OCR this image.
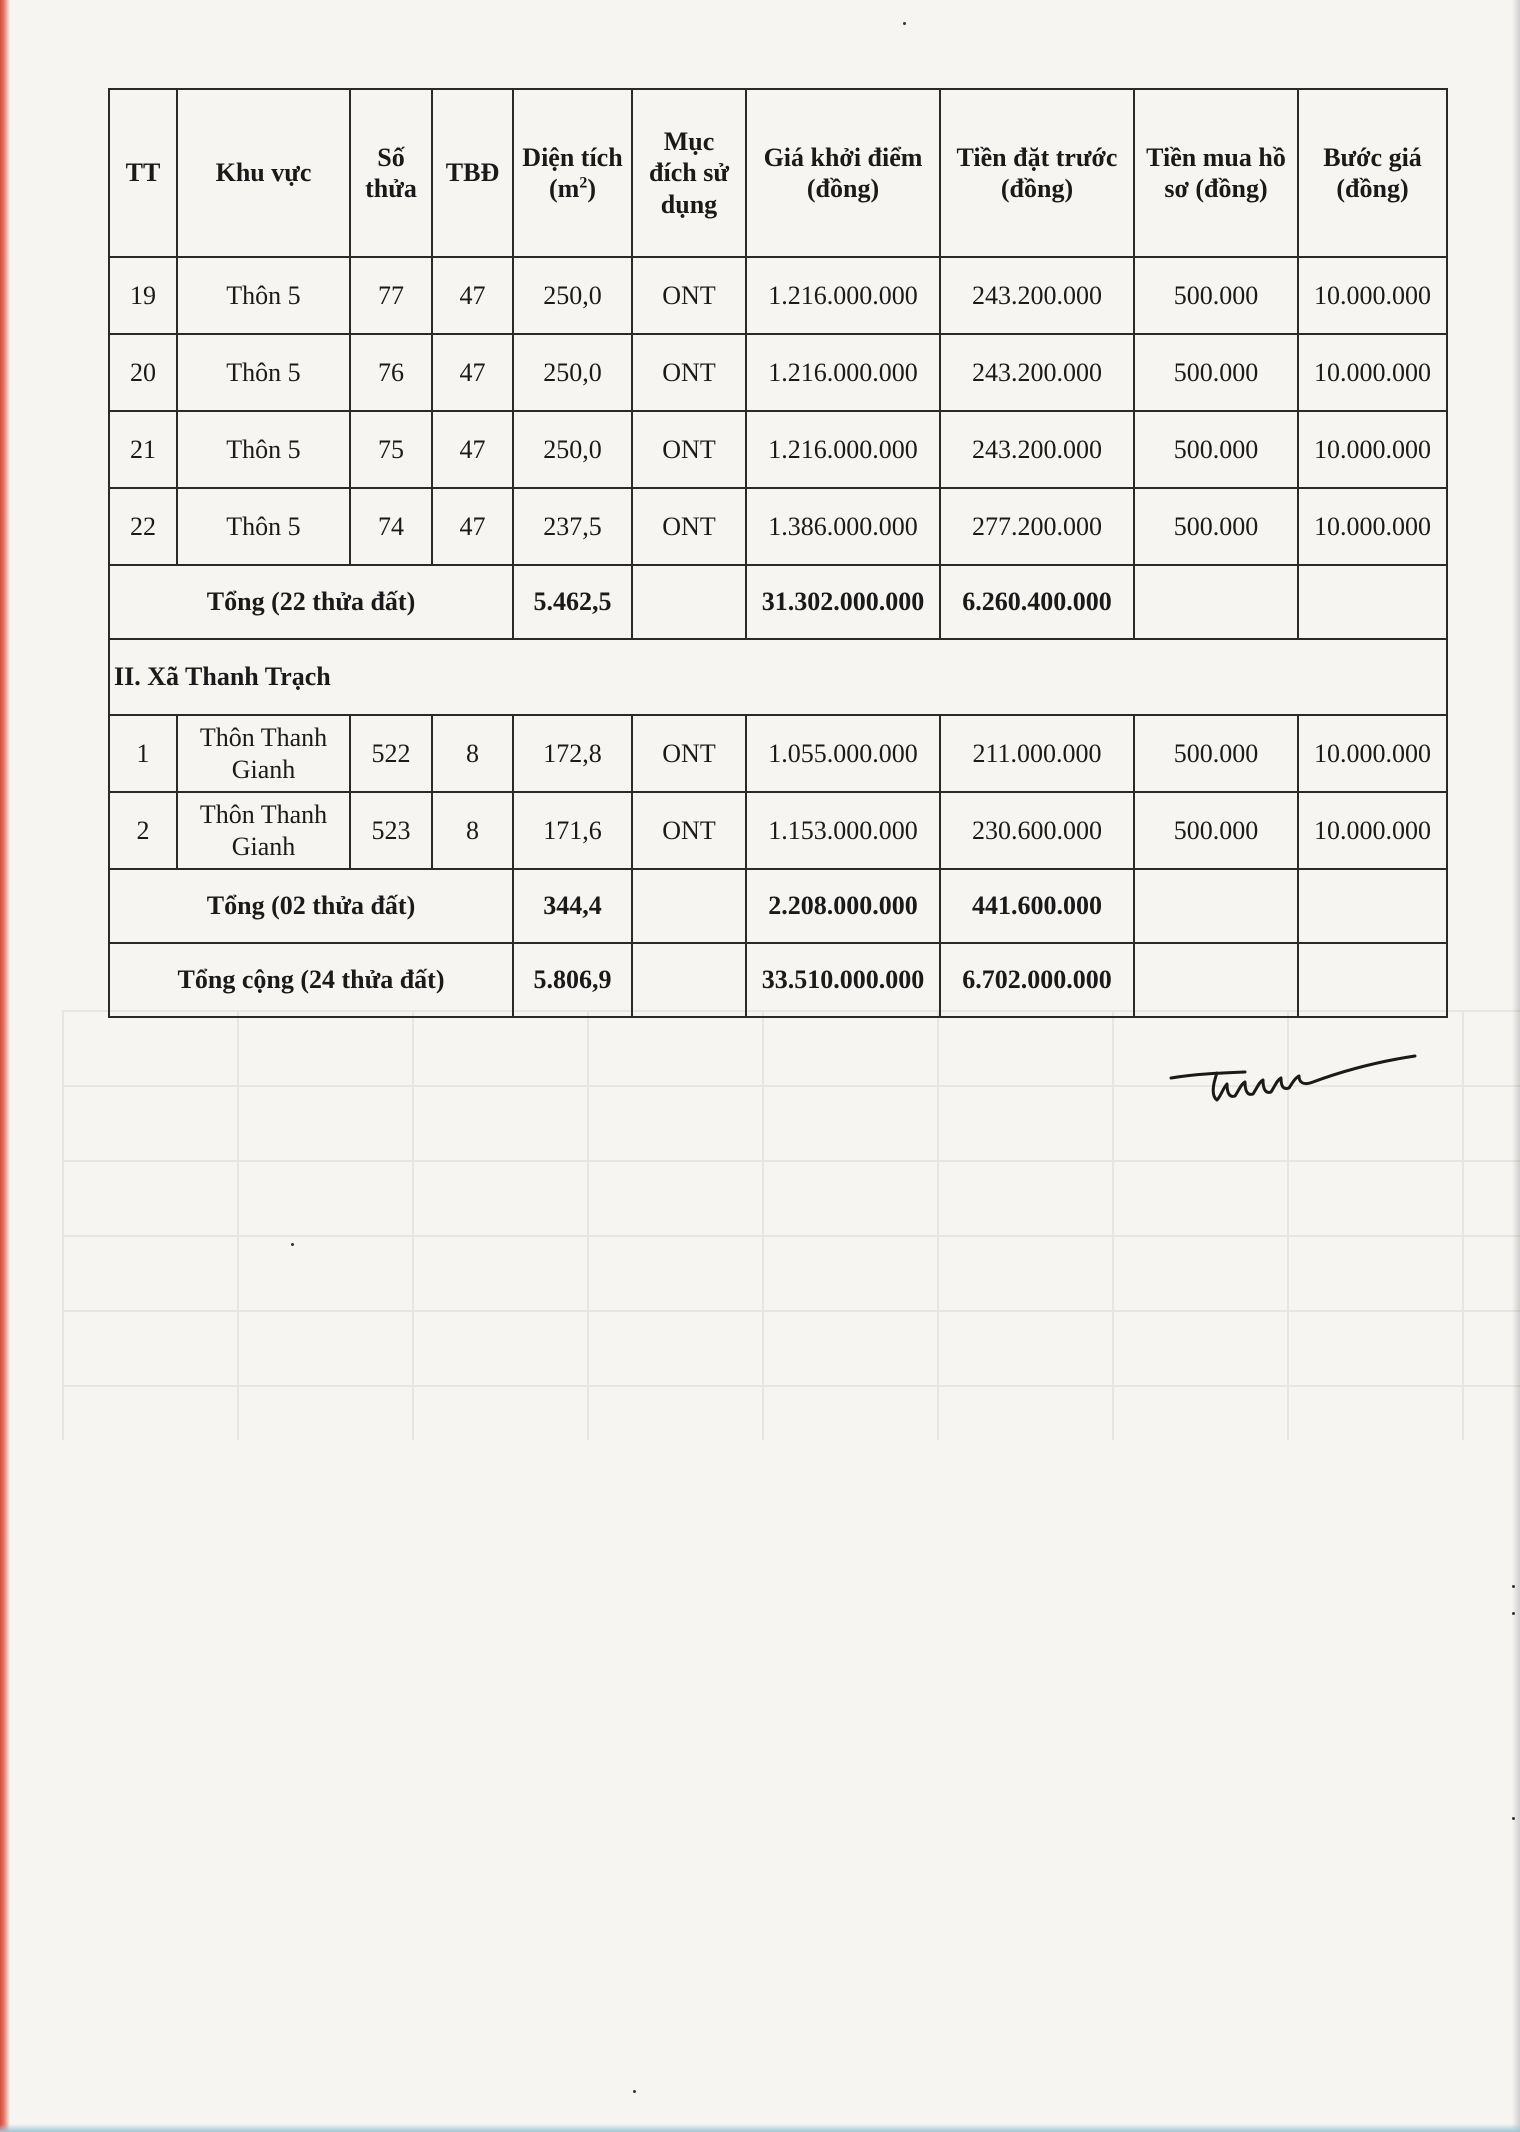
TT	Khu vực	Số thửa	TBĐ	Diện tích $(m^2)$	Mục đích sử dụng	Giá khởi điểm (đồng)	Tiền đặt trước (đồng)	Tiền mua hồ sơ (đồng)	Bước giá (đồng)
19	Thôn 5	77	47	250,0	ONT	1.216.000.000	243.200.000	500.000	10.000.000
20	Thôn 5	76	47	250,0	ONT	1.216.000.000	243.200.000	500.000	10.000.000
21	Thôn 5	75	47	250,0	ONT	1.216.000.000	243.200.000	500.000	10.000.000
22	Thôn 5	74	47	237,5	ONT	1.386.000.000	277.200.000	500.000	10.000.000
Tổng (22 thửa đất)				5.462,5		31.302.000.000	6.260.400.000		
II. Xã Thanh Trạch									
1	Thôn Thanh Gianh	522	8	172,8	ONT	1.055.000.000	211.000.000	500.000	10.000.000
2	Thôn Thanh Gianh	523	8	171,6	ONT	1.153.000.000	230.600.000	500.000	10.000.000
Tổng (02 thửa đất)				344,4		2.208.000.000	441.600.000		
Tổng cộng (24 thửa đất)				5.806,9		33.510.000.000	6.702.000.000		
